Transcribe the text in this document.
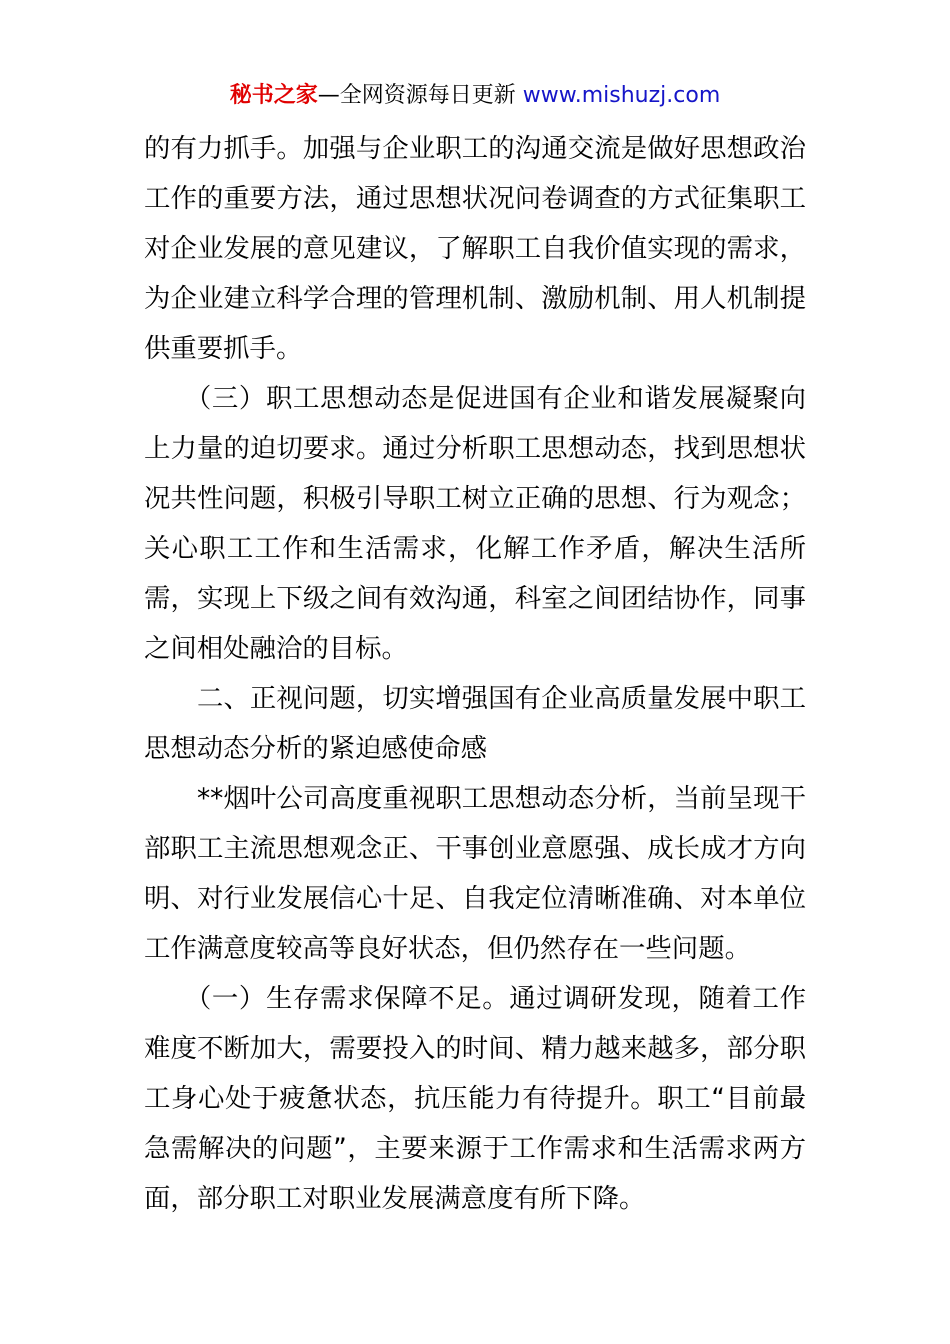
秘书之家—全网资源每日更新 www.mishuzj.com
的有力抓手。加强与企业职工的沟通交流是做好思想政治
工作的重要方法，通过思想状况问卷调查的方式征集职工
对企业发展的意见建议，了解职工自我价值实现的需求，
为企业建立科学合理的管理机制、激励机制、用人机制提
供重要抓手。
　　（三）职工思想动态是促进国有企业和谐发展凝聚向
上力量的迫切要求。通过分析职工思想动态，找到思想状
况共性问题，积极引导职工树立正确的思想、行为观念；
关心职工工作和生活需求，化解工作矛盾，解决生活所
需，实现上下级之间有效沟通，科室之间团结协作，同事
之间相处融洽的目标。
　　二、正视问题，切实增强国有企业高质量发展中职工
思想动态分析的紧迫感使命感
　　**烟叶公司高度重视职工思想动态分析，当前呈现干
部职工主流思想观念正、干事创业意愿强、成长成才方向
明、对行业发展信心十足、自我定位清晰准确、对本单位
工作满意度较高等良好状态，但仍然存在一些问题。
　　（一）生存需求保障不足。通过调研发现，随着工作
难度不断加大，需要投入的时间、精力越来越多，部分职
工身心处于疲惫状态，抗压能力有待提升。职工“目前最
急需解决的问题”，主要来源于工作需求和生活需求两方
面，部分职工对职业发展满意度有所下降。
